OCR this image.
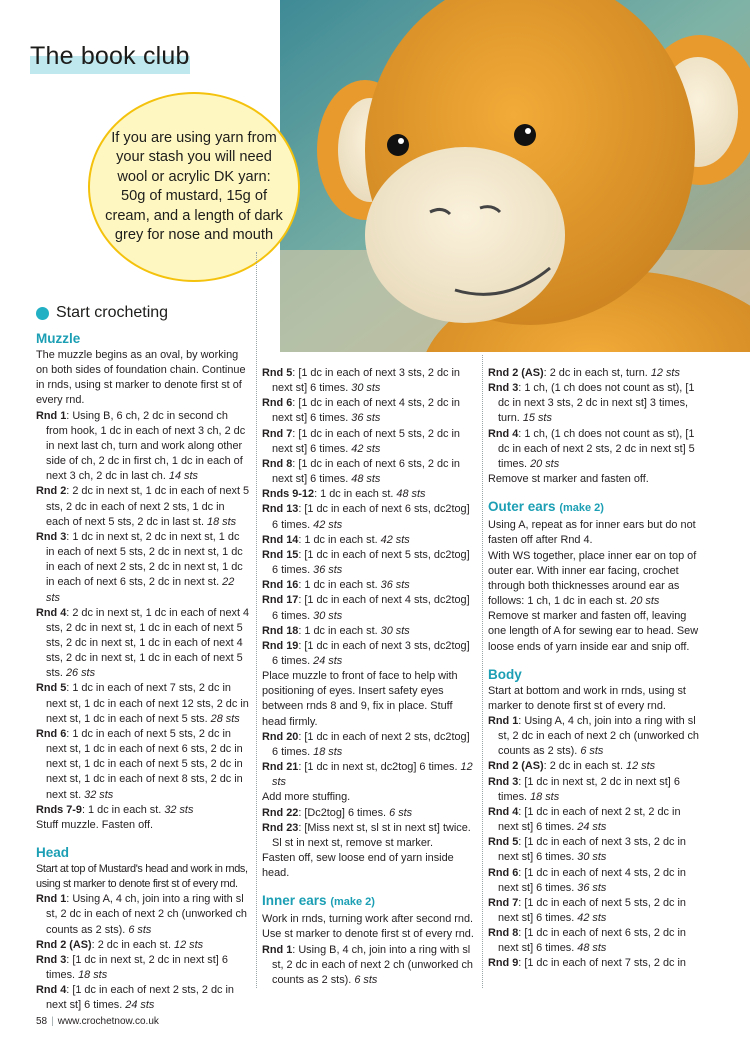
The book club

If you are using yarn from your stash you will need wool or acrylic DK yarn: 50g of mustard, 15g of cream, and a length of dark grey for nose and mouth

Start crocheting
Muzzle
The muzzle begins as an oval, by working on both sides of foundation chain. Continue in rnds, using st marker to denote first st of every rnd.
Rnd 1: Using B, 6 ch, 2 dc in second ch from hook, 1 dc in each of next 3 ch, 2 dc in next last ch, turn and work along other side of ch, 2 dc in first ch, 1 dc in each of next 3 ch, 2 dc in last ch. 14 sts
Rnd 2: 2 dc in next st, 1 dc in each of next 5 sts, 2 dc in each of next 2 sts, 1 dc in each of next 5 sts, 2 dc in last st. 18 sts
Rnd 3: 1 dc in next st, 2 dc in next st, 1 dc in each of next 5 sts, 2 dc in next st, 1 dc in each of next 2 sts, 2 dc in next st, 1 dc in each of next 6 sts, 2 dc in next st. 22 sts
Rnd 4: 2 dc in next st, 1 dc in each of next 4 sts, 2 dc in next st, 1 dc in each of next 5 sts, 2 dc in next st, 1 dc in each of next 4 sts, 2 dc in next st, 1 dc in each of next 5 sts. 26 sts
Rnd 5: 1 dc in each of next 7 sts, 2 dc in next st, 1 dc in each of next 12 sts, 2 dc in next st, 1 dc in each of next 5 sts. 28 sts
Rnd 6: 1 dc in each of next 5 sts, 2 dc in next st, 1 dc in each of next 6 sts, 2 dc in next st, 1 dc in each of next 5 sts, 2 dc in next st, 1 dc in each of next 8 sts, 2 dc in next st. 32 sts
Rnds 7-9: 1 dc in each st. 32 sts
Stuff muzzle. Fasten off.
Head
Start at top of Mustard's head and work in rnds, using st marker to denote first st of every rnd.
Rnd 1: Using A, 4 ch, join into a ring with sl st, 2 dc in each of next 2 ch (unworked ch counts as 2 sts). 6 sts
Rnd 2 (AS): 2 dc in each st. 12 sts
Rnd 3: [1 dc in next st, 2 dc in next st] 6 times. 18 sts
Rnd 4: [1 dc in each of next 2 sts, 2 dc in next st] 6 times. 24 sts
Rnd 5: [1 dc in each of next 3 sts, 2 dc in next st] 6 times. 30 sts
Rnd 6: [1 dc in each of next 4 sts, 2 dc in next st] 6 times. 36 sts
Rnd 7: [1 dc in each of next 5 sts, 2 dc in next st] 6 times. 42 sts
Rnd 8: [1 dc in each of next 6 sts, 2 dc in next st] 6 times. 48 sts
Rnds 9-12: 1 dc in each st. 48 sts
Rnd 13: [1 dc in each of next 6 sts, dc2tog] 6 times. 42 sts
Rnd 14: 1 dc in each st. 42 sts
Rnd 15: [1 dc in each of next 5 sts, dc2tog] 6 times. 36 sts
Rnd 16: 1 dc in each st. 36 sts
Rnd 17: [1 dc in each of next 4 sts, dc2tog] 6 times. 30 sts
Rnd 18: 1 dc in each st. 30 sts
Rnd 19: [1 dc in each of next 3 sts, dc2tog] 6 times. 24 sts
Place muzzle to front of face to help with positioning of eyes. Insert safety eyes between rnds 8 and 9, fix in place. Stuff head firmly.
Rnd 20: [1 dc in each of next 2 sts, dc2tog] 6 times. 18 sts
Rnd 21: [1 dc in next st, dc2tog] 6 times. 12 sts
Add more stuffing.
Rnd 22: [Dc2tog] 6 times. 6 sts
Rnd 23: [Miss next st, sl st in next st] twice. Sl st in next st, remove st marker.
Fasten off, sew loose end of yarn inside head.
Inner ears (make 2)
Work in rnds, turning work after second rnd. Use st marker to denote first st of every rnd.
Rnd 1: Using B, 4 ch, join into a ring with sl st, 2 dc in each of next 2 ch (unworked ch counts as 2 sts). 6 sts
Rnd 2 (AS): 2 dc in each st, turn. 12 sts
Rnd 3: 1 ch, (1 ch does not count as st), [1 dc in next 3 sts, 2 dc in next st] 3 times, turn. 15 sts
Rnd 4: 1 ch, (1 ch does not count as st), [1 dc in each of next 2 sts, 2 dc in next st] 5 times. 20 sts
Remove st marker and fasten off.
Outer ears (make 2)
Using A, repeat as for inner ears but do not fasten off after Rnd 4.
With WS together, place inner ear on top of outer ear. With inner ear facing, crochet through both thicknesses around ear as follows: 1 ch, 1 dc in each st. 20 sts
Remove st marker and fasten off, leaving one length of A for sewing ear to head. Sew loose ends of yarn inside ear and snip off.
Body
Start at bottom and work in rnds, using st marker to denote first st of every rnd.
Rnd 1: Using A, 4 ch, join into a ring with sl st, 2 dc in each of next 2 ch (unworked ch counts as 2 sts). 6 sts
Rnd 2 (AS): 2 dc in each st. 12 sts
Rnd 3: [1 dc in next st, 2 dc in next st] 6 times. 18 sts
Rnd 4: [1 dc in each of next 2 st, 2 dc in next st] 6 times. 24 sts
Rnd 5: [1 dc in each of next 3 sts, 2 dc in next st] 6 times. 30 sts
Rnd 6: [1 dc in each of next 4 sts, 2 dc in next st] 6 times. 36 sts
Rnd 7: [1 dc in each of next 5 sts, 2 dc in next st] 6 times. 42 sts
Rnd 8: [1 dc in each of next 6 sts, 2 dc in next st] 6 times. 48 sts
Rnd 9: [1 dc in each of next 7 sts, 2 dc in
58 | www.crochetnow.co.uk
